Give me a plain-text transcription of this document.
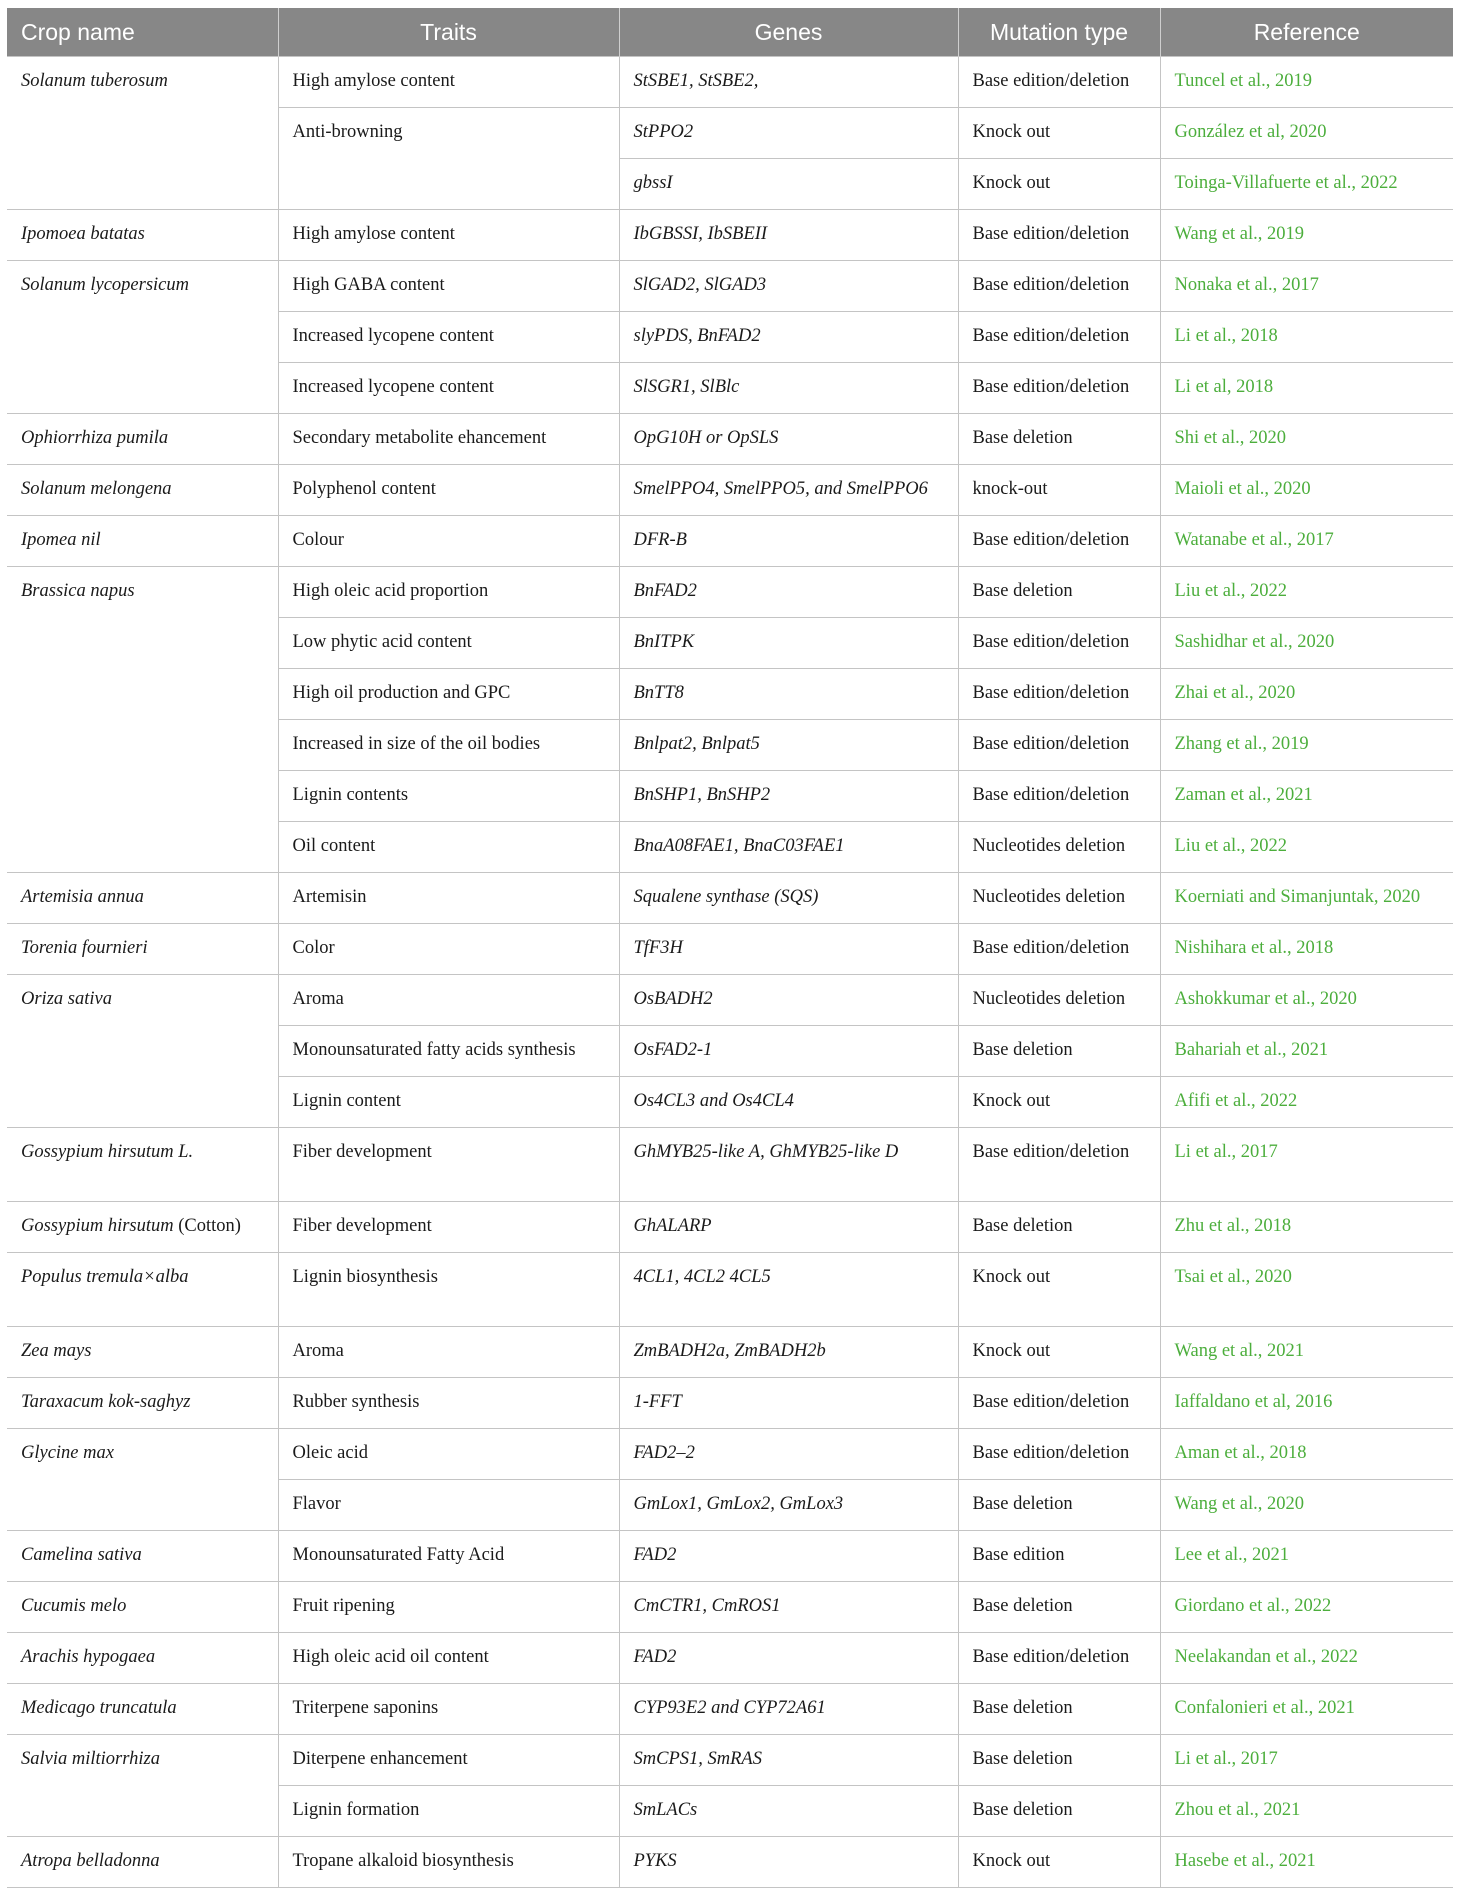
Crop name	Traits	Genes	Mutation type	Reference
Solanum tuberosum	High amylose content	StSBE1, StSBE2,	Base edition/deletion	Tuncel et al., 2019
	Anti-browning	StPPO2	Knock out	González et al, 2020
		gbssI	Knock out	Toinga-Villafuerte et al., 2022
Ipomoea batatas	High amylose content	IbGBSSI, IbSBEII	Base edition/deletion	Wang et al., 2019
Solanum lycopersicum	High GABA content	SlGAD2, SlGAD3	Base edition/deletion	Nonaka et al., 2017
	Increased lycopene content	slyPDS, BnFAD2	Base edition/deletion	Li et al., 2018
	Increased lycopene content	SlSGR1, SlBlc	Base edition/deletion	Li et al, 2018
Ophiorrhiza pumila	Secondary metabolite ehancement	OpG10H or OpSLS	Base deletion	Shi et al., 2020
Solanum melongena	Polyphenol content	SmelPPO4, SmelPPO5, and SmelPPO6	knock-out	Maioli et al., 2020
Ipomea nil	Colour	DFR-B	Base edition/deletion	Watanabe et al., 2017
Brassica napus	High oleic acid proportion	BnFAD2	Base deletion	Liu et al., 2022
	Low phytic acid content	BnITPK	Base edition/deletion	Sashidhar et al., 2020
	High oil production and GPC	BnTT8	Base edition/deletion	Zhai et al., 2020
	Increased in size of the oil bodies	Bnlpat2, Bnlpat5	Base edition/deletion	Zhang et al., 2019
	Lignin contents	BnSHP1, BnSHP2	Base edition/deletion	Zaman et al., 2021
	Oil content	BnaA08FAE1, BnaC03FAE1	Nucleotides deletion	Liu et al., 2022
Artemisia annua	Artemisin	Squalene synthase (SQS)	Nucleotides deletion	Koerniati and Simanjuntak, 2020
Torenia fournieri	Color	TfF3H	Base edition/deletion	Nishihara et al., 2018
Oriza sativa	Aroma	OsBADH2	Nucleotides deletion	Ashokkumar et al., 2020
	Monounsaturated fatty acids synthesis	OsFAD2-1	Base deletion	Bahariah et al., 2021
	Lignin content	Os4CL3 and Os4CL4	Knock out	Afifi et al., 2022
Gossypium hirsutum L.	Fiber development	GhMYB25-like A, GhMYB25-like D	Base edition/deletion	Li et al., 2017
Gossypium hirsutum (Cotton)	Fiber development	GhALARP	Base deletion	Zhu et al., 2018
Populus tremula×alba	Lignin biosynthesis	4CL1, 4CL2 4CL5	Knock out	Tsai et al., 2020
Zea mays	Aroma	ZmBADH2a, ZmBADH2b	Knock out	Wang et al., 2021
Taraxacum kok-saghyz	Rubber synthesis	1-FFT	Base edition/deletion	Iaffaldano et al, 2016
Glycine max	Oleic acid	FAD2–2	Base edition/deletion	Aman et al., 2018
	Flavor	GmLox1, GmLox2, GmLox3	Base deletion	Wang et al., 2020
Camelina sativa	Monounsaturated Fatty Acid	FAD2	Base edition	Lee et al., 2021
Cucumis melo	Fruit ripening	CmCTR1, CmROS1	Base deletion	Giordano et al., 2022
Arachis hypogaea	High oleic acid oil content	FAD2	Base edition/deletion	Neelakandan et al., 2022
Medicago truncatula	Triterpene saponins	CYP93E2 and CYP72A61	Base deletion	Confalonieri et al., 2021
Salvia miltiorrhiza	Diterpene enhancement	SmCPS1, SmRAS	Base deletion	Li et al., 2017
	Lignin formation	SmLACs	Base deletion	Zhou et al., 2021
Atropa belladonna	Tropane alkaloid biosynthesis	PYKS	Knock out	Hasebe et al., 2021
